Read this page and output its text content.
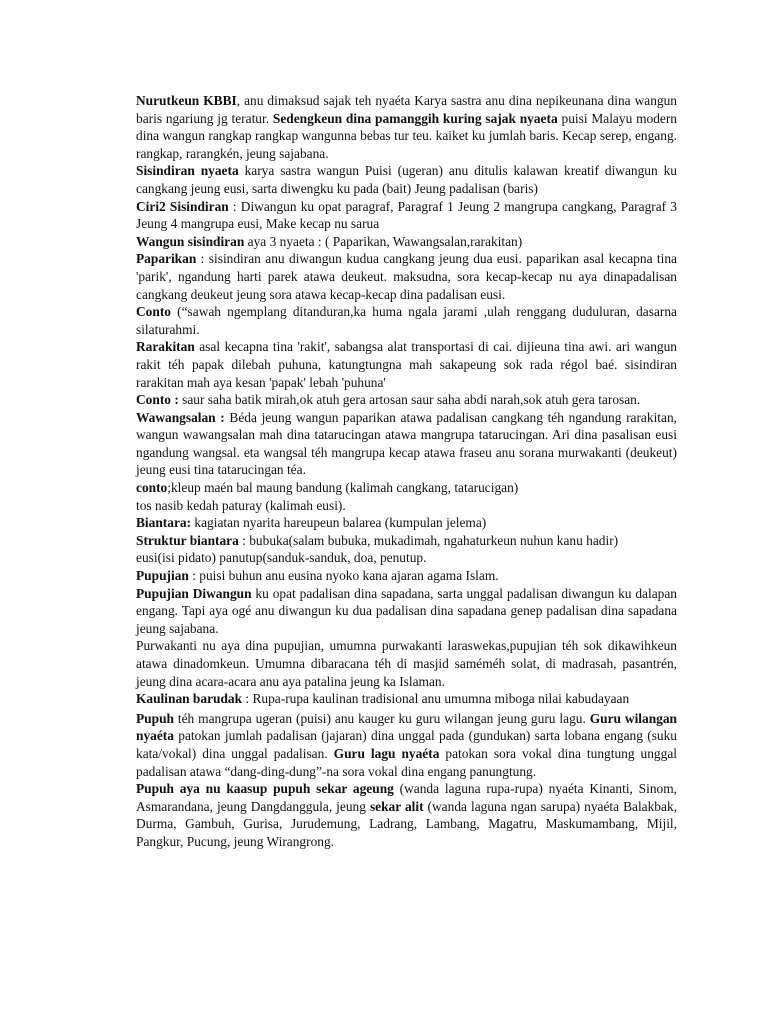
Nurutkeun KBBI, anu dimaksud sajak teh nyaéta Karya sastra anu dina nepikeunana dina wangun baris ngariung jg teratur. Sedengkeun dina pamanggih kuring sajak nyaeta puisi Malayu modern dina wangun rangkap rangkap wangunna bebas tur teu. kaiket ku jumlah baris. Kecap serep, engang. rangkap, rarangkén, jeung sajabana.

Sisindiran nyaeta karya sastra wangun Puisi (ugeran) anu ditulis kalawan kreatif diwangun ku cangkang jeung eusi, sarta diwengku ku pada (bait) Jeung padalisan (baris)

Ciri2 Sisindiran : Diwangun ku opat paragraf, Paragraf 1 Jeung 2 mangrupa cangkang, Paragraf 3 Jeung 4 mangrupa eusi, Make kecap nu sarua

Wangun sisindiran aya 3 nyaeta : ( Paparikan, Wawangsalan,rarakitan)

Paparikan : sisindiran anu diwangun kudua cangkang jeung dua eusi. paparikan asal kecapna tina 'parik', ngandung harti parek atawa deukeut. maksudna, sora kecap-kecap nu aya dinapadalisan cangkang deukeut jeung sora atawa kecap-kecap dina padalisan eusi.

Conto (“sawah ngemplang ditanduran,ka huma ngala jarami ,ulah renggang duduluran, dasarna silaturahmi.

Rarakitan asal kecapna tina 'rakit', sabangsa alat transportasi di cai. dijieuna tina awi. ari wangun rakit téh papak dilebah puhuna, katungtungna mah sakapeung sok rada régol baé. sisindiran rarakitan mah aya kesan 'papak' lebah 'puhuna'

Conto : saur saha batik mirah,ok atuh gera artosan saur saha abdi narah,sok atuh gera tarosan.

Wawangsalan : Béda jeung wangun paparikan atawa padalisan cangkang téh ngandung rarakitan, wangun wawangsalan mah dina tatarucingan atawa mangrupa tatarucingan. Ari dina pasalisan eusi ngandung wangsal. eta wangsal téh mangrupa kecap atawa fraseu anu sorana murwakanti (deukeut) jeung eusi tina tatarucingan téa.

conto;kleup maén bal maung bandung (kalimah cangkang, tatarucigan)

tos nasib kedah paturay (kalimah eusi).

Biantara: kagiatan nyarita hareupeun balarea (kumpulan jelema)

Struktur biantara : bubuka(salam bubuka, mukadimah, ngahaturkeun nuhun kanu hadir)

eusi(isi pidato) panutup(sanduk-sanduk, doa, penutup.

Pupujian : puisi buhun anu eusina nyoko kana ajaran agama Islam.

Pupujian Diwangun ku opat padalisan dina sapadana, sarta unggal padalisan diwangun ku dalapan engang. Tapi aya ogé anu diwangun ku dua padalisan dina sapadana genep padalisan dina sapadana jeung sajabana.

Purwakanti nu aya dina pupujian, umumna purwakanti laraswekas,pupujian téh sok dikawihkeun atawa dinadomkeun. Umumna dibaracana téh di masjid saméméh solat, di madrasah, pasantrén, jeung dina acara-acara anu aya patalina jeung ka Islaman.

Kaulinan barudak : Rupa-rupa kaulinan tradisional anu umumna miboga nilai kabudayaan

Pupuh téh mangrupa ugeran (puisi) anu kauger ku guru wilangan jeung guru lagu. Guru wilangan nyaéta patokan jumlah padalisan (jajaran) dina unggal pada (gundukan) sarta lobana engang (suku kata/vokal) dina unggal padalisan. Guru lagu nyaéta patokan sora vokal dina tungtung unggal padalisan atawa “dang-ding-dung”-na sora vokal dina engang panungtung.

Pupuh aya nu kaasup pupuh sekar ageung (wanda laguna rupa-rupa) nyaéta Kinanti, Sinom, Asmarandana, jeung Dangdanggula, jeung sekar alit (wanda laguna ngan sarupa) nyaéta Balakbak, Durma, Gambuh, Gurisa, Jurudemung, Ladrang, Lambang, Magatru, Maskumambang, Mijil, Pangkur, Pucung, jeung Wirangrong.
